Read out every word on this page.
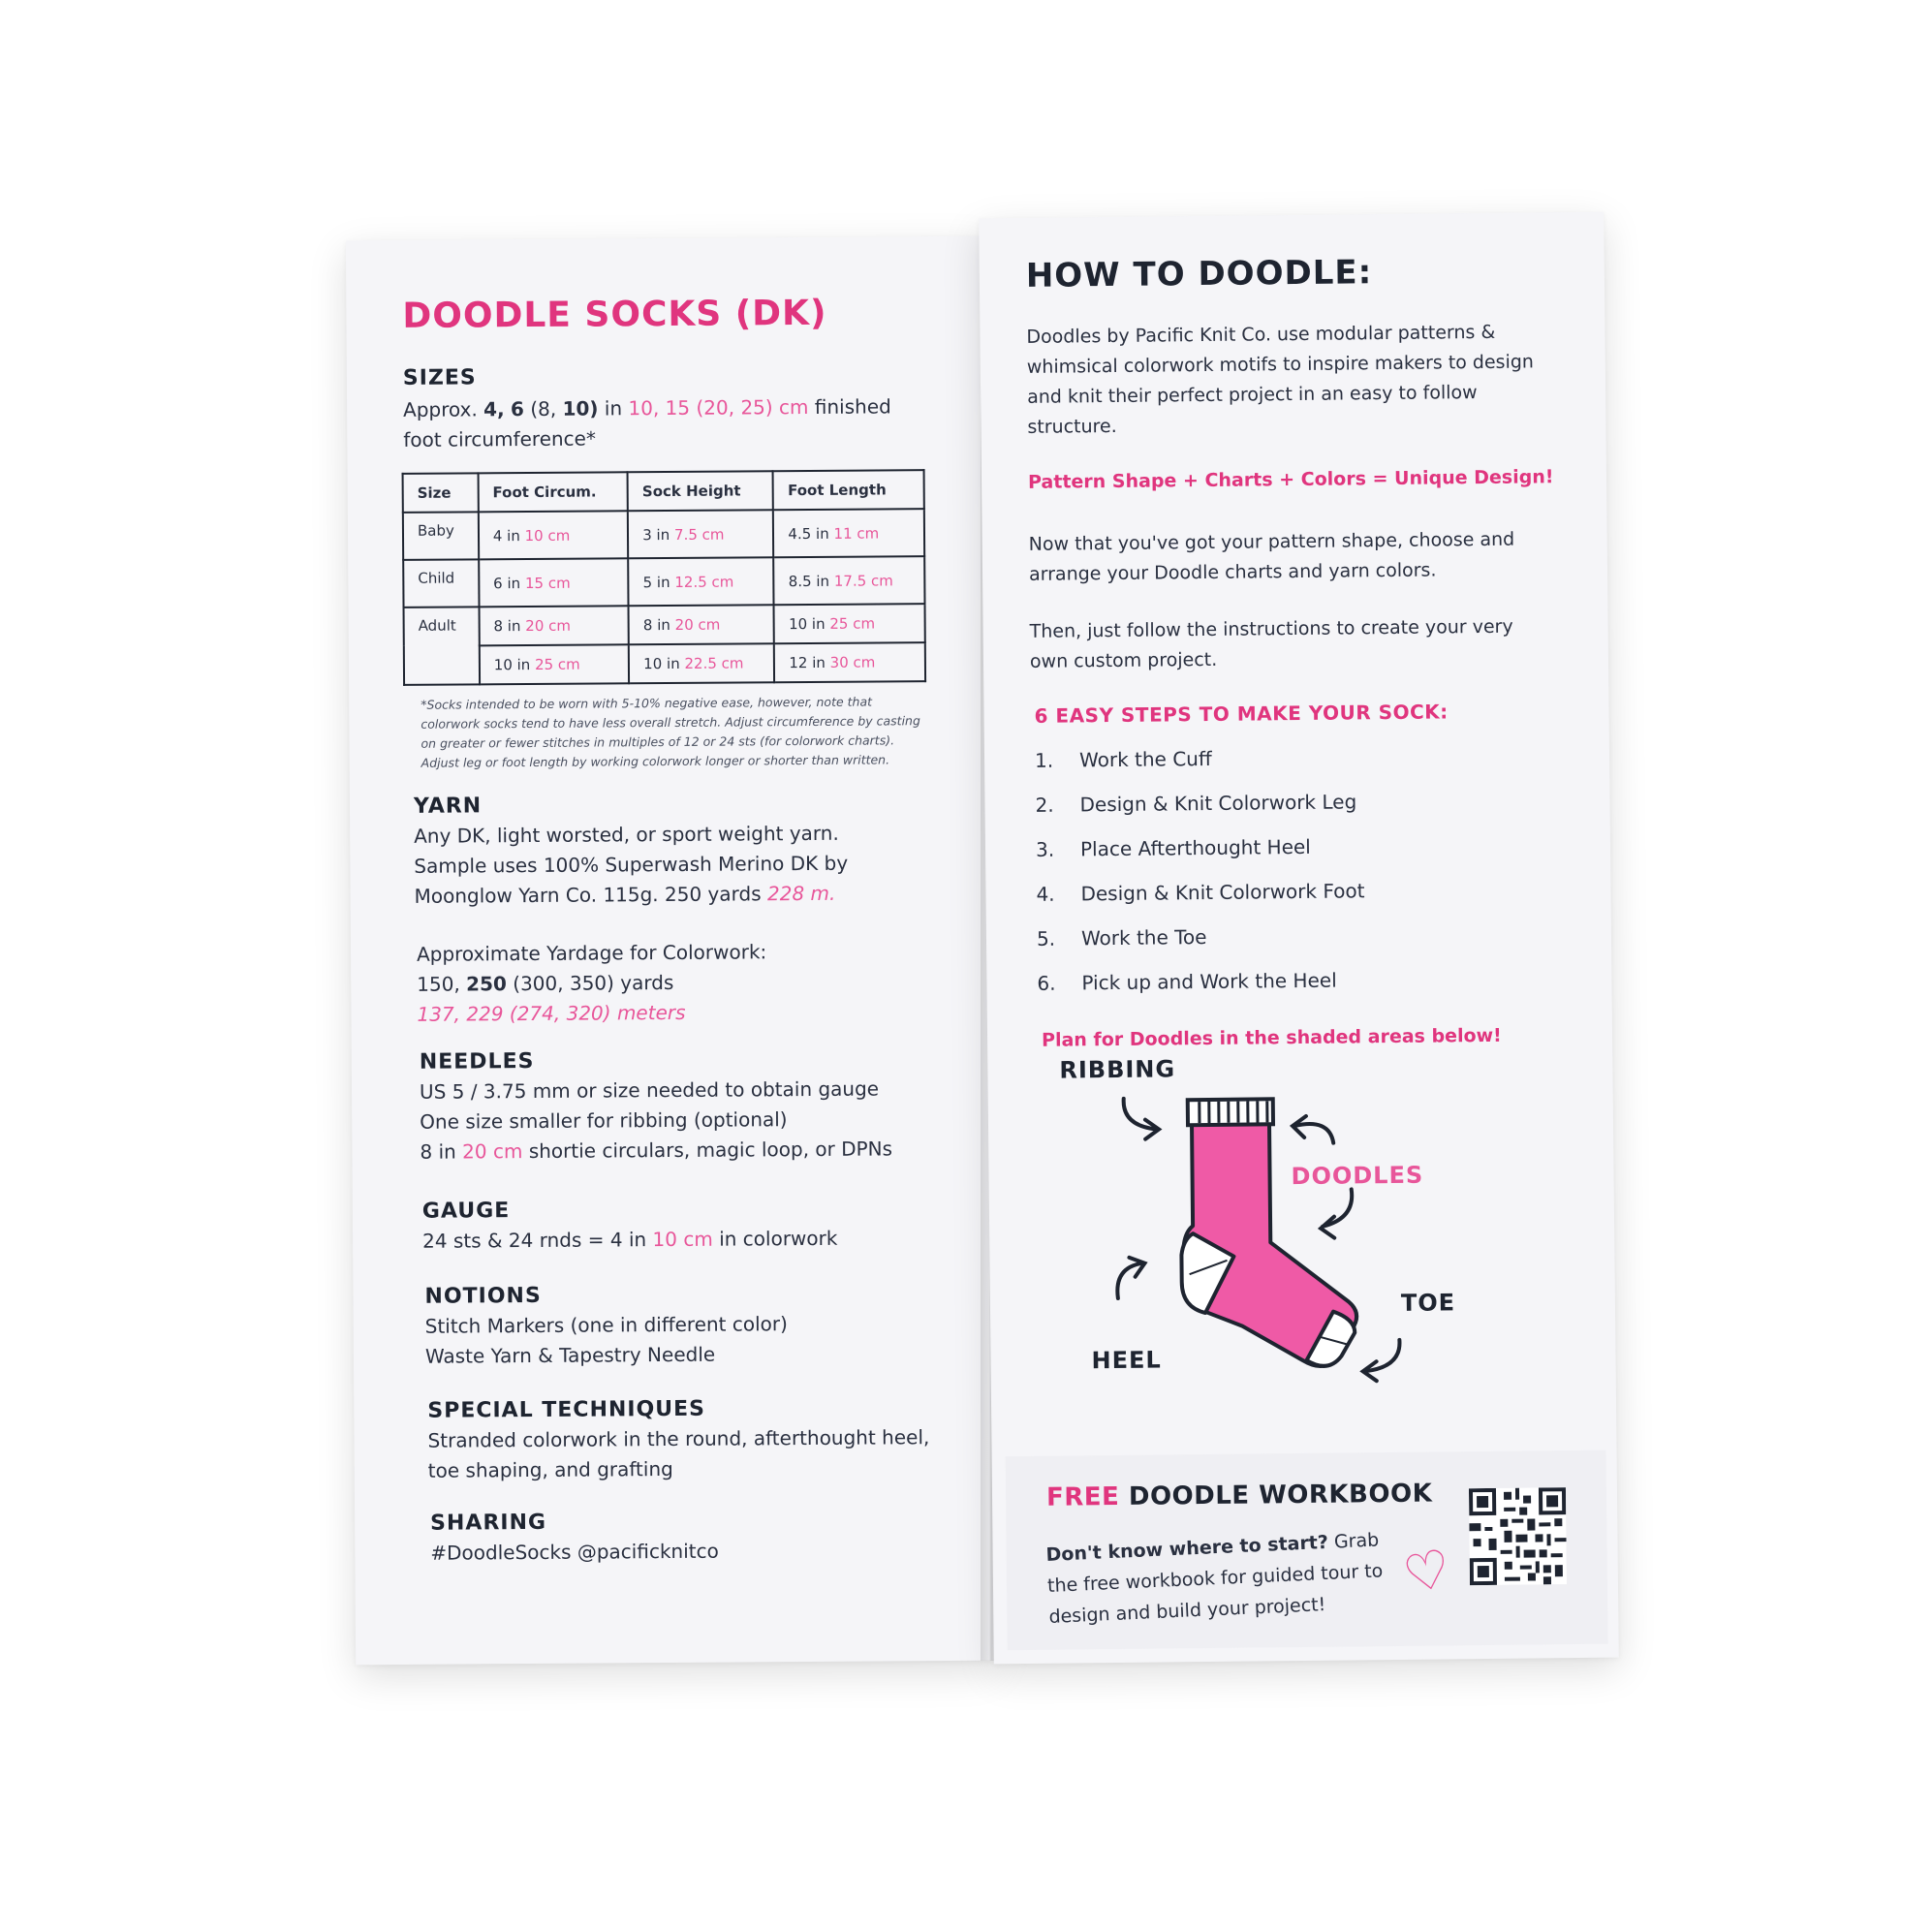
DOODLE SOCKS (DK)

SIZES

Approx. 4, 6 (8, 10) in 10, 15 (20, 25) cm finished
foot circumference*

Size	Foot Circum.	Sock Height	Foot Length
Baby	4 in 10 cm	3 in 7.5 cm	4.5 in 11 cm
Child	6 in 15 cm	5 in 12.5 cm	8.5 in 17.5 cm
Adult	8 in 20 cm	8 in 20 cm	10 in 25 cm
	10 in 25 cm	10 in 22.5 cm	12 in 30 cm

*Socks intended to be worn with 5-10% negative ease, however, note that colorwork socks tend to have less overall stretch. Adjust circumference by casting on greater or fewer stitches in multiples of 12 or 24 sts (for colorwork charts). Adjust leg or foot length by working colorwork longer or shorter than written.

YARN

Any DK, light worsted, or sport weight yarn.
Sample uses 100% Superwash Merino DK by
Moonglow Yarn Co. 115g. 250 yards 228 m.

Approximate Yardage for Colorwork:
150, 250 (300, 350) yards
137, 229 (274, 320) meters

NEEDLES

US 5 / 3.75 mm or size needed to obtain gauge
One size smaller for ribbing (optional)
8 in 20 cm shortie circulars, magic loop, or DPNs

GAUGE

24 sts & 24 rnds = 4 in 10 cm in colorwork

NOTIONS

Stitch Markers (one in different color)
Waste Yarn & Tapestry Needle

SPECIAL TECHNIQUES

Stranded colorwork in the round, afterthought heel,
toe shaping, and grafting

SHARING

#DoodleSocks @pacificknitco

HOW TO DOODLE:

Doodles by Pacific Knit Co. use modular patterns & whimsical colorwork motifs to inspire makers to design and knit their perfect project in an easy to follow structure.

Pattern Shape + Charts + Colors = Unique Design!

Now that you've got your pattern shape, choose and arrange your Doodle charts and yarn colors.

Then, just follow the instructions to create your very own custom project.

6 EASY STEPS TO MAKE YOUR SOCK:

1. Work the Cuff
2. Design & Knit Colorwork Leg
3. Place Afterthought Heel
4. Design & Knit Colorwork Foot
5. Work the Toe
6. Pick up and Work the Heel

Plan for Doodles in the shaded areas below!

RIBBING

DOODLES

HEEL

TOE

FREE DOODLE WORKBOOK

Don't know where to start? Grab the free workbook for guided tour to design and build your project!

♡
